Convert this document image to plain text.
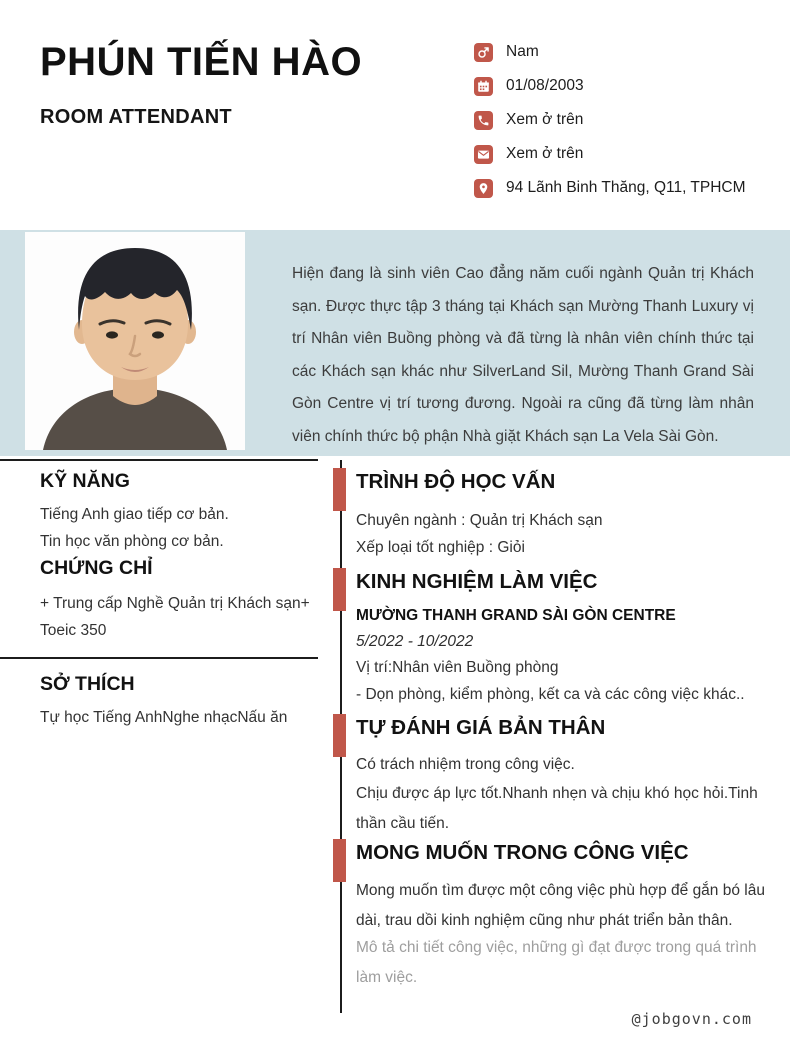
PHÚN TIẾN HÀO
ROOM ATTENDANT
Nam
01/08/2003
Xem ở trên
Xem ở trên
94 Lãnh Binh Thăng, Q11, TPHCM

Hiện đang là sinh viên Cao đẳng năm cuối ngành Quản trị Khách sạn. Được thực tập 3 tháng tại Khách sạn Mường Thanh Luxury vị trí Nhân viên Buồng phòng và đã từng là nhân viên chính thức tại các Khách sạn khác như SilverLand Sil, Mường Thanh Grand Sài Gòn Centre vị trí tương đương. Ngoài ra cũng đã từng làm nhân viên chính thức bộ phận Nhà giặt Khách sạn La Vela Sài Gòn.

KỸ NĂNG
Tiếng Anh giao tiếp cơ bản.
Tin học văn phòng cơ bản.
CHỨNG CHỈ
+ Trung cấp Nghề Quản trị Khách sạn+ Toeic 350
SỞ THÍCH
Tự học Tiếng AnhNghe nhạcNấu ăn
TRÌNH ĐỘ HỌC VẤN
Chuyên ngành : Quản trị Khách sạn
Xếp loại tốt nghiệp : Giỏi
KINH NGHIỆM LÀM VIỆC
MƯỜNG THANH GRAND SÀI GÒN CENTRE
5/2022 - 10/2022
Vị trí:Nhân viên Buồng phòng
- Dọn phòng, kiểm phòng, kết ca và các công việc khác..
TỰ ĐÁNH GIÁ BẢN THÂN
Có trách nhiệm trong công việc.
Chịu được áp lực tốt.Nhanh nhẹn và chịu khó học hỏi.Tinh thần cầu tiến.
MONG MUỐN TRONG CÔNG VIỆC
Mong muốn tìm được một công việc phù hợp để gắn bó lâu dài, trau dồi kinh nghiệm cũng như phát triển bản thân.
Mô tả chi tiết công việc, những gì đạt được trong quá trình làm việc.
@jobgovn.com
